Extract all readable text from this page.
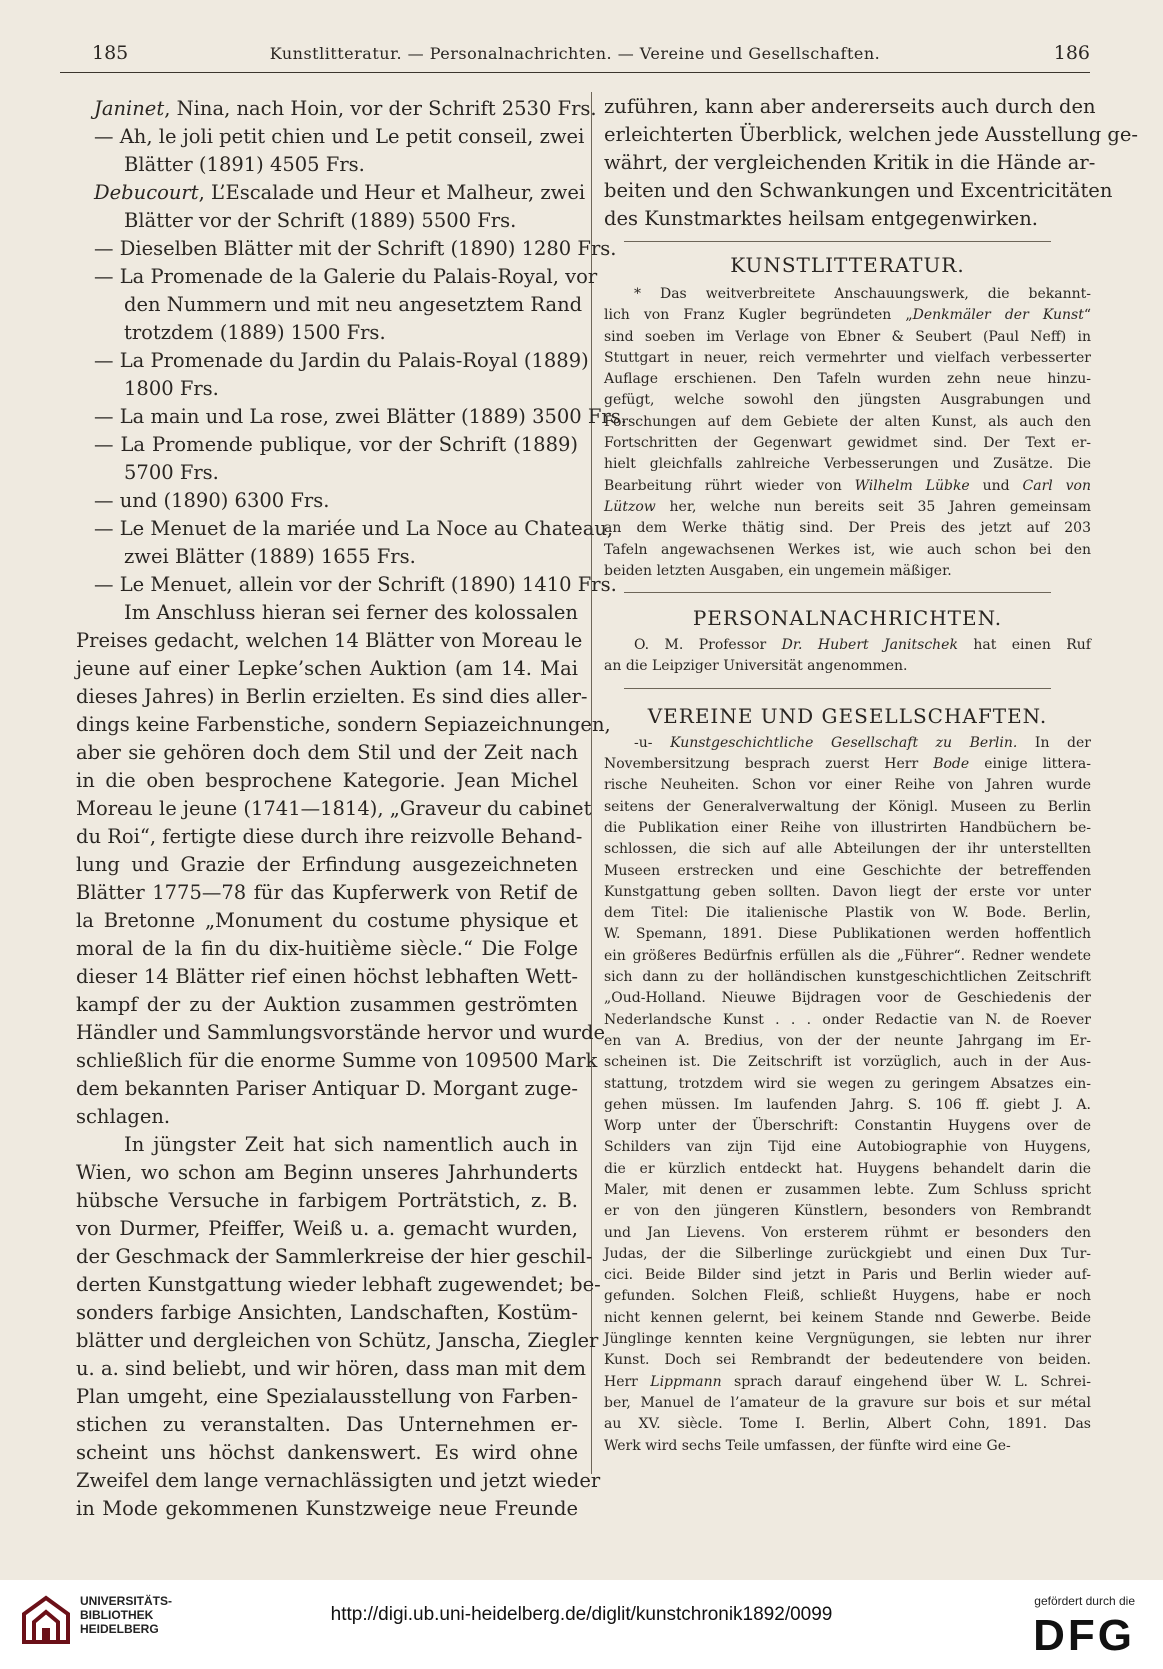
185	Kunstlitteratur. — Personalnachrichten. — Vereine und Gesellschaften.	186
Janinet, Nina, nach Hoin, vor der Schrift 2530 Frs.
— Ah, le joli petit chien und Le petit conseil, zwei
Blätter (1891) 4505 Frs.
Debucourt, L’Escalade und Heur et Malheur, zwei
Blätter vor der Schrift (1889) 5500 Frs.
— Dieselben Blätter mit der Schrift (1890) 1280 Frs.
— La Promenade de la Galerie du Palais-Royal, vor
den Nummern und mit neu angesetztem Rand
trotzdem (1889) 1500 Frs.
— La Promenade du Jardin du Palais-Royal (1889)
1800 Frs.
— La main und La rose, zwei Blätter (1889) 3500 Frs.
— La Promende publique, vor der Schrift (1889)
5700 Frs.
— und (1890) 6300 Frs.
— Le Menuet de la mariée und La Noce au Chateau,
zwei Blätter (1889) 1655 Frs.
— Le Menuet, allein vor der Schrift (1890) 1410 Frs.
Im Anschluss hieran sei ferner des kolossalen
Preises gedacht, welchen 14 Blätter von Moreau le
jeune auf einer Lepke’schen Auktion (am 14. Mai
dieses Jahres) in Berlin erzielten. Es sind dies aller-
dings keine Farbenstiche, sondern Sepiazeichnungen,
aber sie gehören doch dem Stil und der Zeit nach
in die oben besprochene Kategorie. Jean Michel
Moreau le jeune (1741—1814), „Graveur du cabinet
du Roi“, fertigte diese durch ihre reizvolle Behand-
lung und Grazie der Erfindung ausgezeichneten
Blätter 1775—78 für das Kupferwerk von Retif de
la Bretonne „Monument du costume physique et
moral de la fin du dix-huitième siècle.“ Die Folge
dieser 14 Blätter rief einen höchst lebhaften Wett-
kampf der zu der Auktion zusammen geströmten
Händler und Sammlungsvorstände hervor und wurde
schließlich für die enorme Summe von 109500 Mark
dem bekannten Pariser Antiquar D. Morgant zuge-
schlagen.
In jüngster Zeit hat sich namentlich auch in
Wien, wo schon am Beginn unseres Jahrhunderts
hübsche Versuche in farbigem Porträtstich, z. B.
von Durmer, Pfeiffer, Weiß u. a. gemacht wurden,
der Geschmack der Sammlerkreise der hier geschil-
derten Kunstgattung wieder lebhaft zugewendet; be-
sonders farbige Ansichten, Landschaften, Kostüm-
blätter und dergleichen von Schütz, Janscha, Ziegler
u. a. sind beliebt, und wir hören, dass man mit dem
Plan umgeht, eine Spezialausstellung von Farben-
stichen zu veranstalten. Das Unternehmen er-
scheint uns höchst dankenswert. Es wird ohne
Zweifel dem lange vernachlässigten und jetzt wieder
in Mode gekommenen Kunstzweige neue Freunde
zuführen, kann aber andererseits auch durch den
erleichterten Überblick, welchen jede Ausstellung ge-
währt, der vergleichenden Kritik in die Hände ar-
beiten und den Schwankungen und Excentricitäten
des Kunstmarktes heilsam entgegenwirken.
KUNSTLITTERATUR.
* Das weitverbreitete Anschauungswerk, die bekannt-
lich von Franz Kugler begründeten „Denkmäler der Kunst“
sind soeben im Verlage von Ebner & Seubert (Paul Neff) in
Stuttgart in neuer, reich vermehrter und vielfach verbesserter
Auflage erschienen. Den Tafeln wurden zehn neue hinzu-
gefügt, welche sowohl den jüngsten Ausgrabungen und
Forschungen auf dem Gebiete der alten Kunst, als auch den
Fortschritten der Gegenwart gewidmet sind. Der Text er-
hielt gleichfalls zahlreiche Verbesserungen und Zusätze. Die
Bearbeitung rührt wieder von Wilhelm Lübke und Carl von
Lützow her, welche nun bereits seit 35 Jahren gemeinsam
an dem Werke thätig sind. Der Preis des jetzt auf 203
Tafeln angewachsenen Werkes ist, wie auch schon bei den
beiden letzten Ausgaben, ein ungemein mäßiger.
PERSONALNACHRICHTEN.
O. M. Professor Dr. Hubert Janitschek hat einen Ruf
an die Leipziger Universität angenommen.
VEREINE UND GESELLSCHAFTEN.
-u- Kunstgeschichtliche Gesellschaft zu Berlin. In der
Novembersitzung besprach zuerst Herr Bode einige littera-
rische Neuheiten. Schon vor einer Reihe von Jahren wurde
seitens der Generalverwaltung der Königl. Museen zu Berlin
die Publikation einer Reihe von illustrirten Handbüchern be-
schlossen, die sich auf alle Abteilungen der ihr unterstellten
Museen erstrecken und eine Geschichte der betreffenden
Kunstgattung geben sollten. Davon liegt der erste vor unter
dem Titel: Die italienische Plastik von W. Bode. Berlin,
W. Spemann, 1891. Diese Publikationen werden hoffentlich
ein größeres Bedürfnis erfüllen als die „Führer“. Redner wendete
sich dann zu der holländischen kunstgeschichtlichen Zeitschrift
„Oud-Holland. Nieuwe Bijdragen voor de Geschiedenis der
Nederlandsche Kunst . . . onder Redactie van N. de Roever
en van A. Bredius, von der der neunte Jahrgang im Er-
scheinen ist. Die Zeitschrift ist vorzüglich, auch in der Aus-
stattung, trotzdem wird sie wegen zu geringem Absatzes ein-
gehen müssen. Im laufenden Jahrg. S. 106 ff. giebt J. A.
Worp unter der Überschrift: Constantin Huygens over de
Schilders van zijn Tijd eine Autobiographie von Huygens,
die er kürzlich entdeckt hat. Huygens behandelt darin die
Maler, mit denen er zusammen lebte. Zum Schluss spricht
er von den jüngeren Künstlern, besonders von Rembrandt
und Jan Lievens. Von ersterem rühmt er besonders den
Judas, der die Silberlinge zurückgiebt und einen Dux Tur-
cici. Beide Bilder sind jetzt in Paris und Berlin wieder auf-
gefunden. Solchen Fleiß, schließt Huygens, habe er noch
nicht kennen gelernt, bei keinem Stande nnd Gewerbe. Beide
Jünglinge kennten keine Vergnügungen, sie lebten nur ihrer
Kunst. Doch sei Rembrandt der bedeutendere von beiden.
Herr Lippmann sprach darauf eingehend über W. L. Schrei-
ber, Manuel de l’amateur de la gravure sur bois et sur métal
au XV. siècle. Tome I. Berlin, Albert Cohn, 1891. Das
Werk wird sechs Teile umfassen, der fünfte wird eine Ge-
UNIVERSITÄTS-
BIBLIOTHEK
HEIDELBERG
http://digi.ub.uni-heidelberg.de/diglit/kunstchronik1892/0099
gefördert durch die
DFG
